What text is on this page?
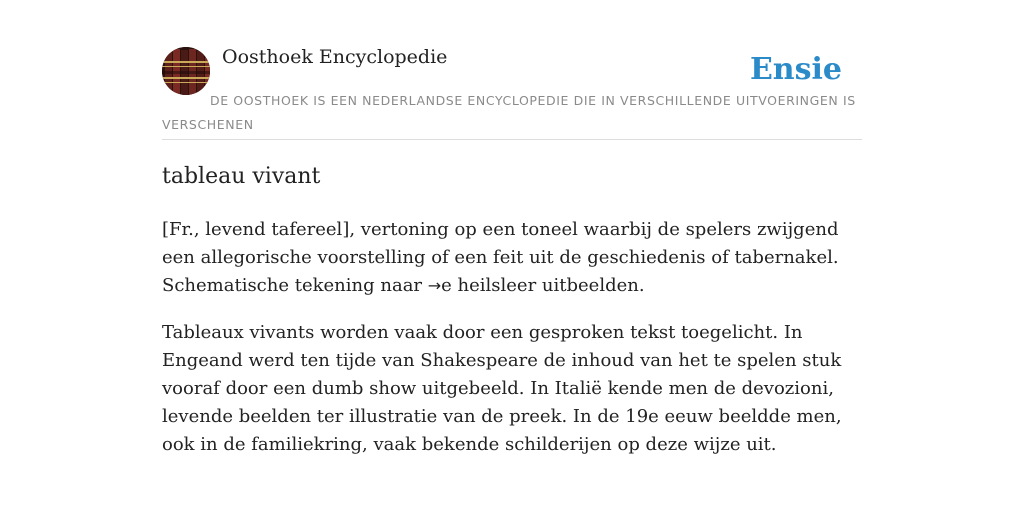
Oosthoek Encyclopedie	Ensie
DE OOSTHOEK IS EEN NEDERLANDSE ENCYCLOPEDIE DIE IN VERSCHILLENDE UITVOERINGEN IS VERSCHENEN
tableau vivant

[Fr., levend tafereel], vertoning op een toneel waarbij de spelers zwijgend een allegorische voorstelling of een feit uit de geschiedenis of tabernakel. Schematische tekening naar →e heilsleer uitbeelden.

Tableaux vivants worden vaak door een gesproken tekst toegelicht. In Engeand werd ten tijde van Shakespeare de inhoud van het te spelen stuk vooraf door een dumb show uitgebeeld. In Italië kende men de devozioni, levende beelden ter illustratie van de preek. In de 19e eeuw beeldde men, ook in de familiekring, vaak bekende schilderijen op deze wijze uit.
